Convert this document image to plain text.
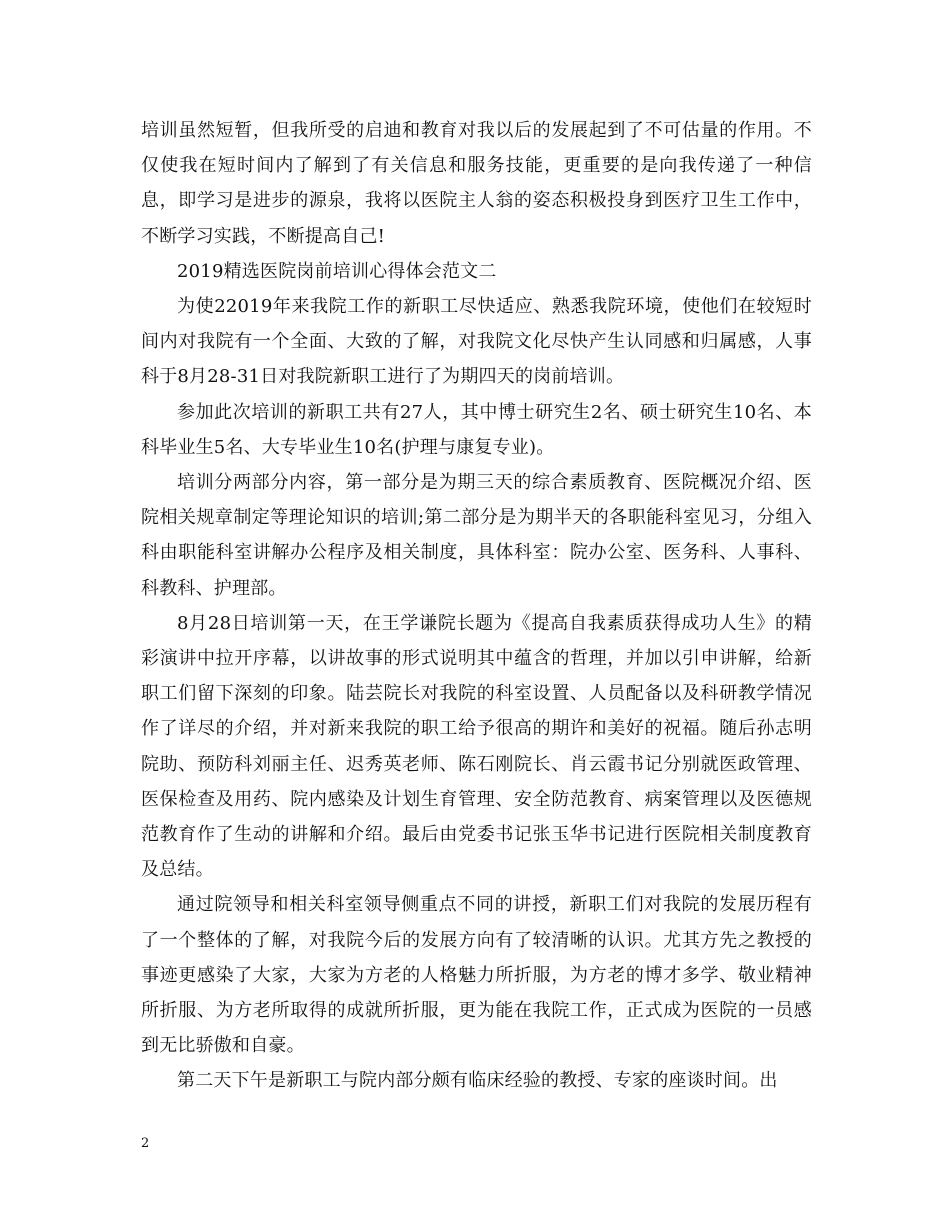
培训虽然短暂，但我所受的启迪和教育对我以后的发展起到了不可估量的作用。不仅使我在短时间内了解到了有关信息和服务技能，更重要的是向我传递了一种信息，即学习是进步的源泉，我将以医院主人翁的姿态积极投身到医疗卫生工作中，不断学习实践，不断提高自己!

2019精选医院岗前培训心得体会范文二

为使22019年来我院工作的新职工尽快适应、熟悉我院环境，使他们在较短时间内对我院有一个全面、大致的了解，对我院文化尽快产生认同感和归属感，人事科于8月28-31日对我院新职工进行了为期四天的岗前培训。

参加此次培训的新职工共有27人，其中博士研究生2名、硕士研究生10名、本科毕业生5名、大专毕业生10名(护理与康复专业)。

培训分两部分内容，第一部分是为期三天的综合素质教育、医院概况介绍、医院相关规章制定等理论知识的培训;第二部分是为期半天的各职能科室见习，分组入科由职能科室讲解办公程序及相关制度，具体科室：院办公室、医务科、人事科、科教科、护理部。

8月28日培训第一天，在王学谦院长题为《提高自我素质获得成功人生》的精彩演讲中拉开序幕，以讲故事的形式说明其中蕴含的哲理，并加以引申讲解，给新职工们留下深刻的印象。陆芸院长对我院的科室设置、人员配备以及科研教学情况作了详尽的介绍，并对新来我院的职工给予很高的期许和美好的祝福。随后孙志明院助、预防科刘丽主任、迟秀英老师、陈石刚院长、肖云霞书记分别就医政管理、医保检查及用药、院内感染及计划生育管理、安全防范教育、病案管理以及医德规范教育作了生动的讲解和介绍。最后由党委书记张玉华书记进行医院相关制度教育及总结。

通过院领导和相关科室领导侧重点不同的讲授，新职工们对我院的发展历程有了一个整体的了解，对我院今后的发展方向有了较清晰的认识。尤其方先之教授的事迹更感染了大家，大家为方老的人格魅力所折服，为方老的博才多学、敬业精神所折服、为方老所取得的成就所折服，更为能在我院工作，正式成为医院的一员感到无比骄傲和自豪。

第二天下午是新职工与院内部分颇有临床经验的教授、专家的座谈时间。出

2
